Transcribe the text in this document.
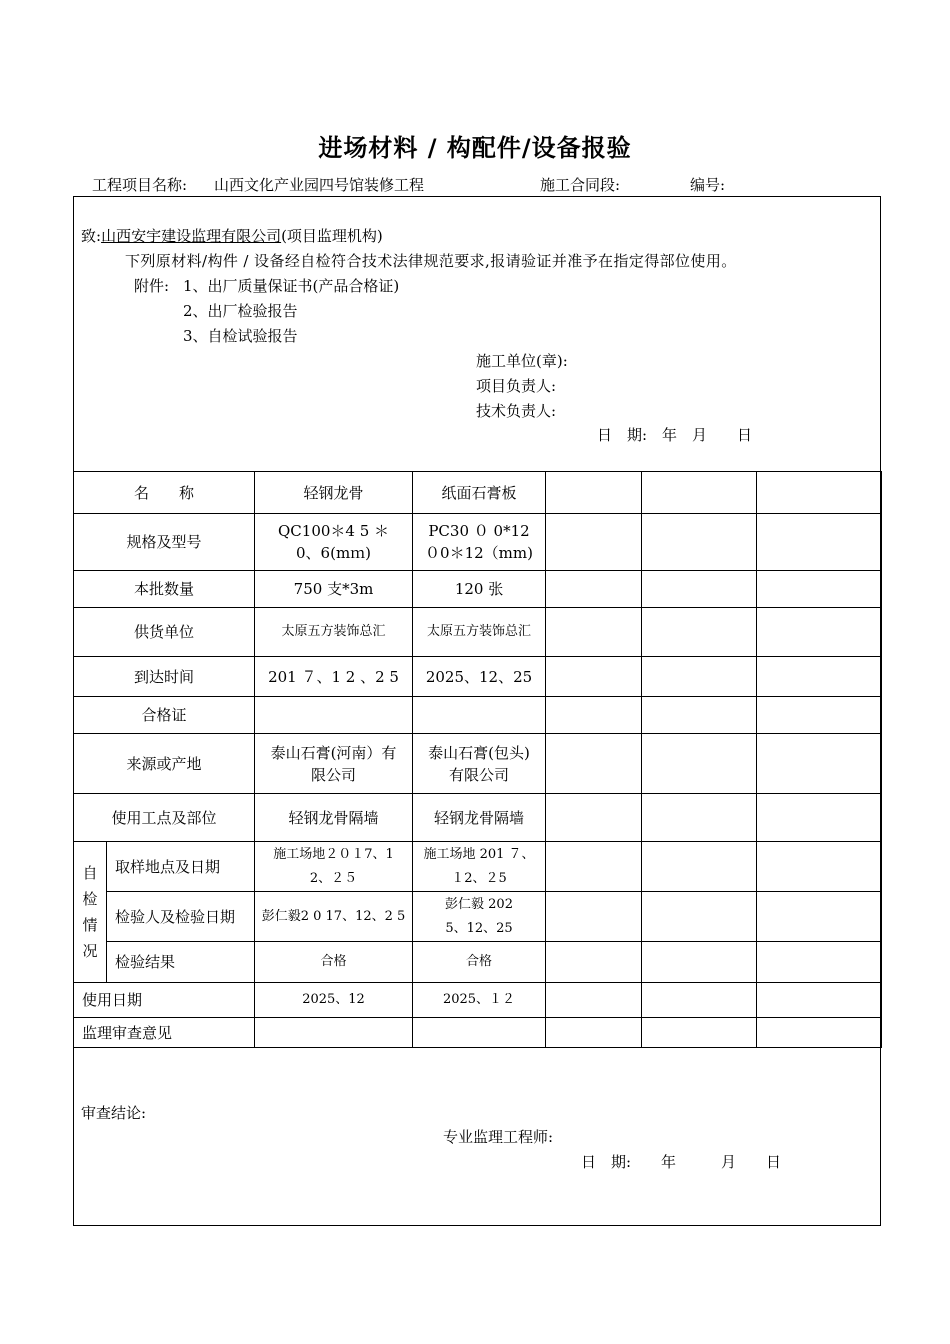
进场材料 / 构配件/设备报验
工程项目名称: 山西文化产业园四号馆装修工程	施工合同段:	编号:
致:山西安宇建设监理有限公司(项目监理机构)
下列原材料/构件 / 设备经自检符合技术法律规范要求,报请验证并准予在指定得部位使用。
附件: 1、出厂质量保证书(产品合格证)
2、出厂检验报告
3、自检试验报告
施工单位(章):
项目负责人:
技术负责人:
日　期:　年　月　　日
名　　称		轻钢龙骨	纸面石膏板			
规格及型号		QC100＊4 5 ＊0、6(mｍ)	PC30 ０ 0*12 ０0＊12（mm)			
本批数量		750 支*3m	120 张			
供货单位		太原五方装饰总汇	太原五方装饰总汇			
到达时间		201 ７、1 2 、2 5	2025、12、25			
合格证						
来源或产地		泰山石膏(河南）有限公司	泰山石膏(包头)有限公司			
使用工点及部位		轻钢龙骨隔墙	轻钢龙骨隔墙			
自检情况	取样地点及日期	施工场地２０１7、12、２５	施工场地 201 ７、１2、２5			
	检验人及检验日期	彭仁毅2 0 17、12、2 5	彭仁毅 2025、12、25			
	检验结果	合格	合格			
使用日期		2025、12	2025、１２			
监理审查意见						
审查结论:
专业监理工程师:
日　期:　　年　　　月　　日
